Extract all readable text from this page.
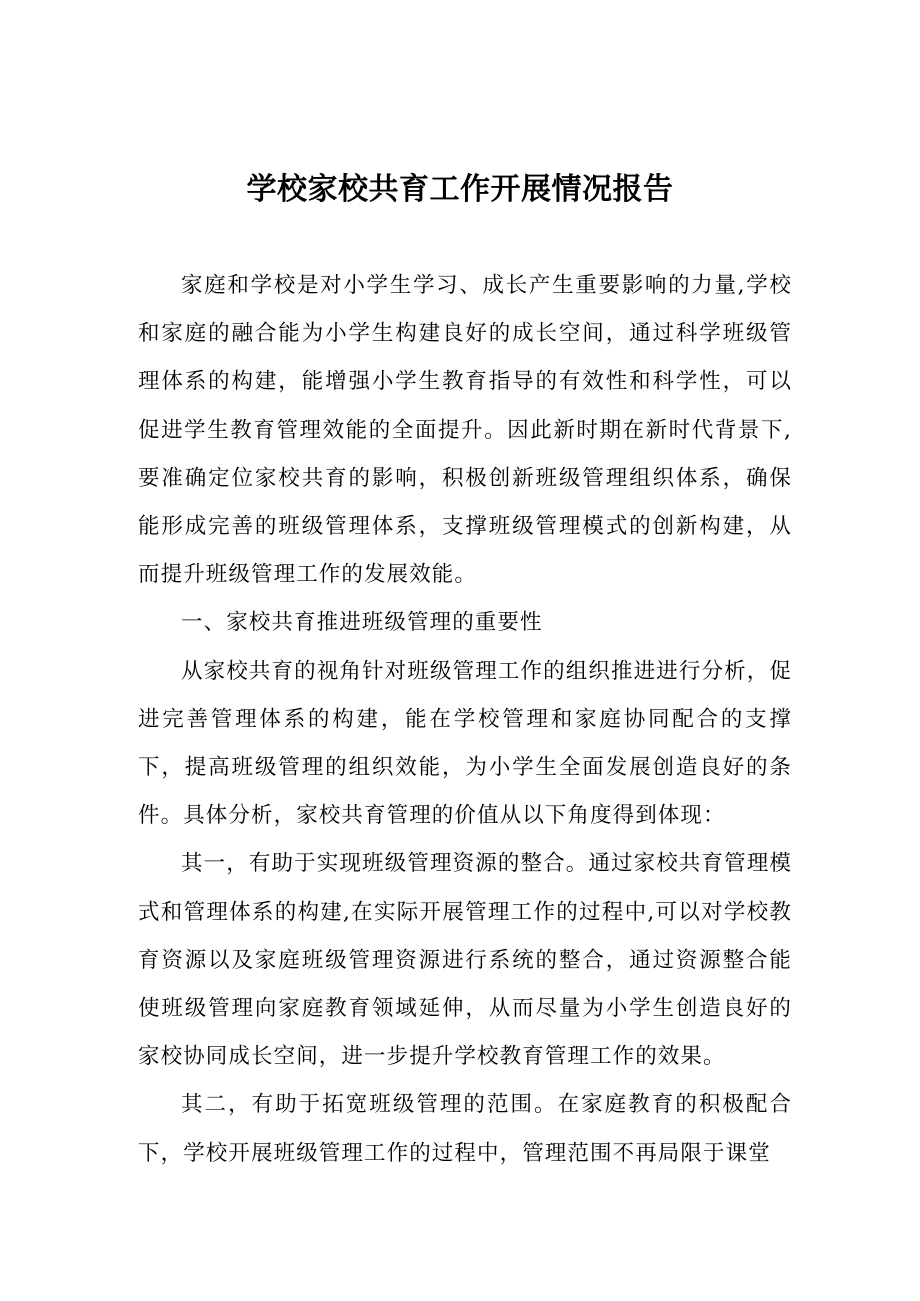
学校家校共育工作开展情况报告

家庭和学校是对小学生学习、成长产生重要影响的力量,学校和家庭的融合能为小学生构建良好的成长空间，通过科学班级管理体系的构建，能增强小学生教育指导的有效性和科学性，可以促进学生教育管理效能的全面提升。因此新时期在新时代背景下,要准确定位家校共育的影响，积极创新班级管理组织体系，确保能形成完善的班级管理体系，支撑班级管理模式的创新构建，从而提升班级管理工作的发展效能。

一、家校共育推进班级管理的重要性

从家校共育的视角针对班级管理工作的组织推进进行分析，促进完善管理体系的构建，能在学校管理和家庭协同配合的支撑下，提高班级管理的组织效能，为小学生全面发展创造良好的条件。具体分析，家校共育管理的价值从以下角度得到体现：

其一，有助于实现班级管理资源的整合。通过家校共育管理模式和管理体系的构建,在实际开展管理工作的过程中,可以对学校教育资源以及家庭班级管理资源进行系统的整合，通过资源整合能使班级管理向家庭教育领域延伸，从而尽量为小学生创造良好的家校协同成长空间，进一步提升学校教育管理工作的效果。

其二，有助于拓宽班级管理的范围。在家庭教育的积极配合下，学校开展班级管理工作的过程中，管理范围不再局限于课堂
